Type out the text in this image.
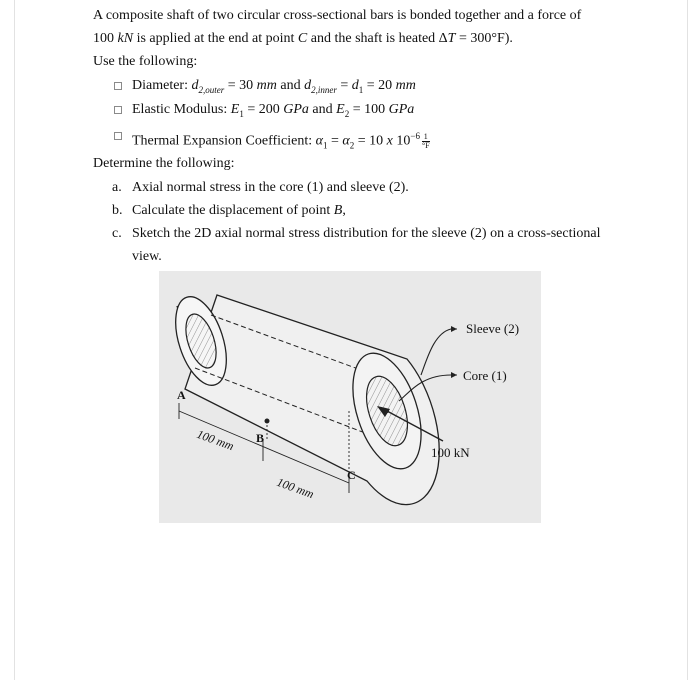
A composite shaft of two circular cross-sectional bars is bonded together and a force of
100 kN is applied at the end at point C and the shaft is heated ΔT = 300°F).
Use the following:
Diameter: $d_{2,outer} = 30$ mm and $d_{2,inner} = d_1 = 20$ mm
Elastic Modulus: $E_1 = 200$ GPa and $E_2 = 100$ GPa
Thermal Expansion Coefficient: $\alpha_1 = \alpha_2 = 10$ x $10^{-6} \frac{1}{^\circ F}$
Determine the following:
a. Axial normal stress in the core (1) and sleeve (2).
b. Calculate the displacement of point B,
c. Sketch the 2D axial normal stress distribution for the sleeve (2) on a cross-sectional
view.
Sleeve (2)
Core (1)
100 kN
A
B
C
100 mm
100 mm
